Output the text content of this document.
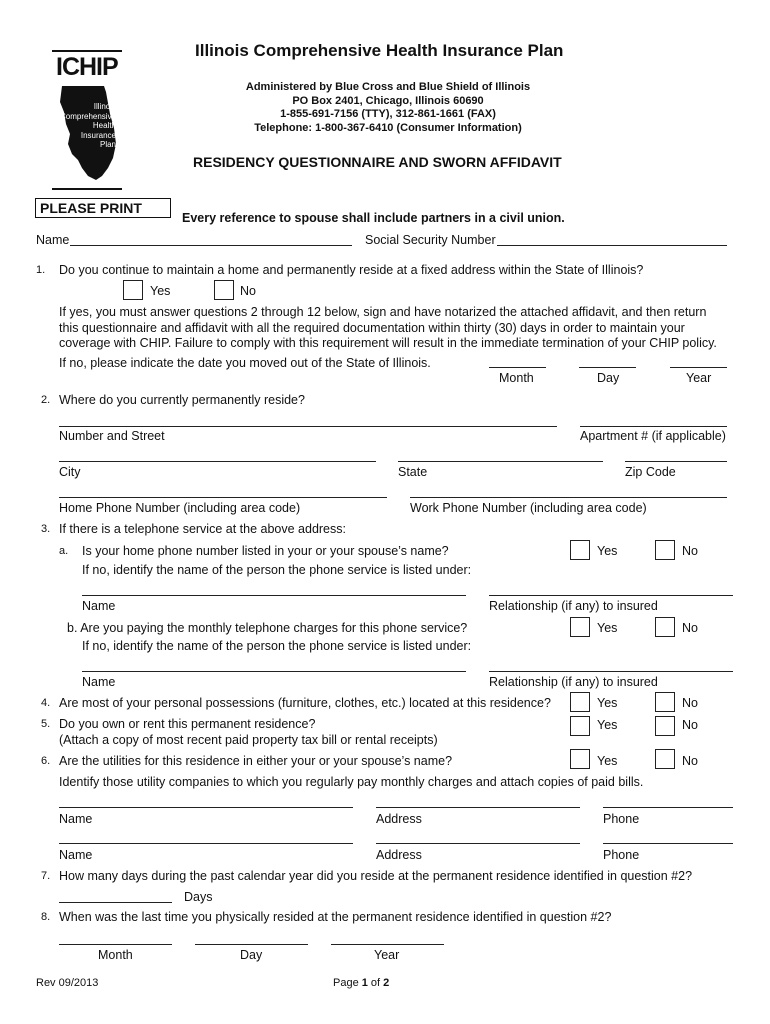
ICHIP
Illinois
Comprehensive
Health
Insurance
Plan
Illinois Comprehensive Health Insurance Plan
Administered by Blue Cross and Blue Shield of Illinois
PO Box 2401, Chicago, Illinois 60690
1-855-691-7156 (TTY), 312-861-1661 (FAX)
Telephone: 1-800-367-6410 (Consumer Information)
RESIDENCY QUESTIONNAIRE AND SWORN AFFIDAVIT
PLEASE PRINT
Every reference to spouse shall include partners in a civil union.
Name	Social Security Number
1. Do you continue to maintain a home and permanently reside at a fixed address within the State of Illinois?
Yes	No
If yes, you must answer questions 2 through 12 below, sign and have notarized the attached affidavit, and then return
this questionnaire and affidavit with all the required documentation within thirty (30) days in order to maintain your
coverage with CHIP. Failure to comply with this requirement will result in the immediate termination of your CHIP policy.
If no, please indicate the date you moved out of the State of Illinois.
Month	Day	Year
2. Where do you currently permanently reside?
Number and Street	Apartment # (if applicable)
City	State	Zip Code
Home Phone Number (including area code)	Work Phone Number (including area code)
3. If there is a telephone service at the above address:
a. Is your home phone number listed in your or your spouse’s name?	Yes	No
If no, identify the name of the person the phone service is listed under:
Name	Relationship (if any) to insured
b. Are you paying the monthly telephone charges for this phone service?	Yes	No
If no, identify the name of the person the phone service is listed under:
Name	Relationship (if any) to insured
4. Are most of your personal possessions (furniture, clothes, etc.) located at this residence?	Yes	No
5. Do you own or rent this permanent residence?
(Attach a copy of most recent paid property tax bill or rental receipts)
Yes	No
6. Are the utilities for this residence in either your or your spouse’s name?	Yes	No
Identify those utility companies to which you regularly pay monthly charges and attach copies of paid bills.
Name	Address	Phone
Name	Address	Phone
7. How many days during the past calendar year did you reside at the permanent residence identified in question #2?
Days
8. When was the last time you physically resided at the permanent residence identified in question #2?
Month	Day	Year
Rev 09/2013	Page 1 of 2
